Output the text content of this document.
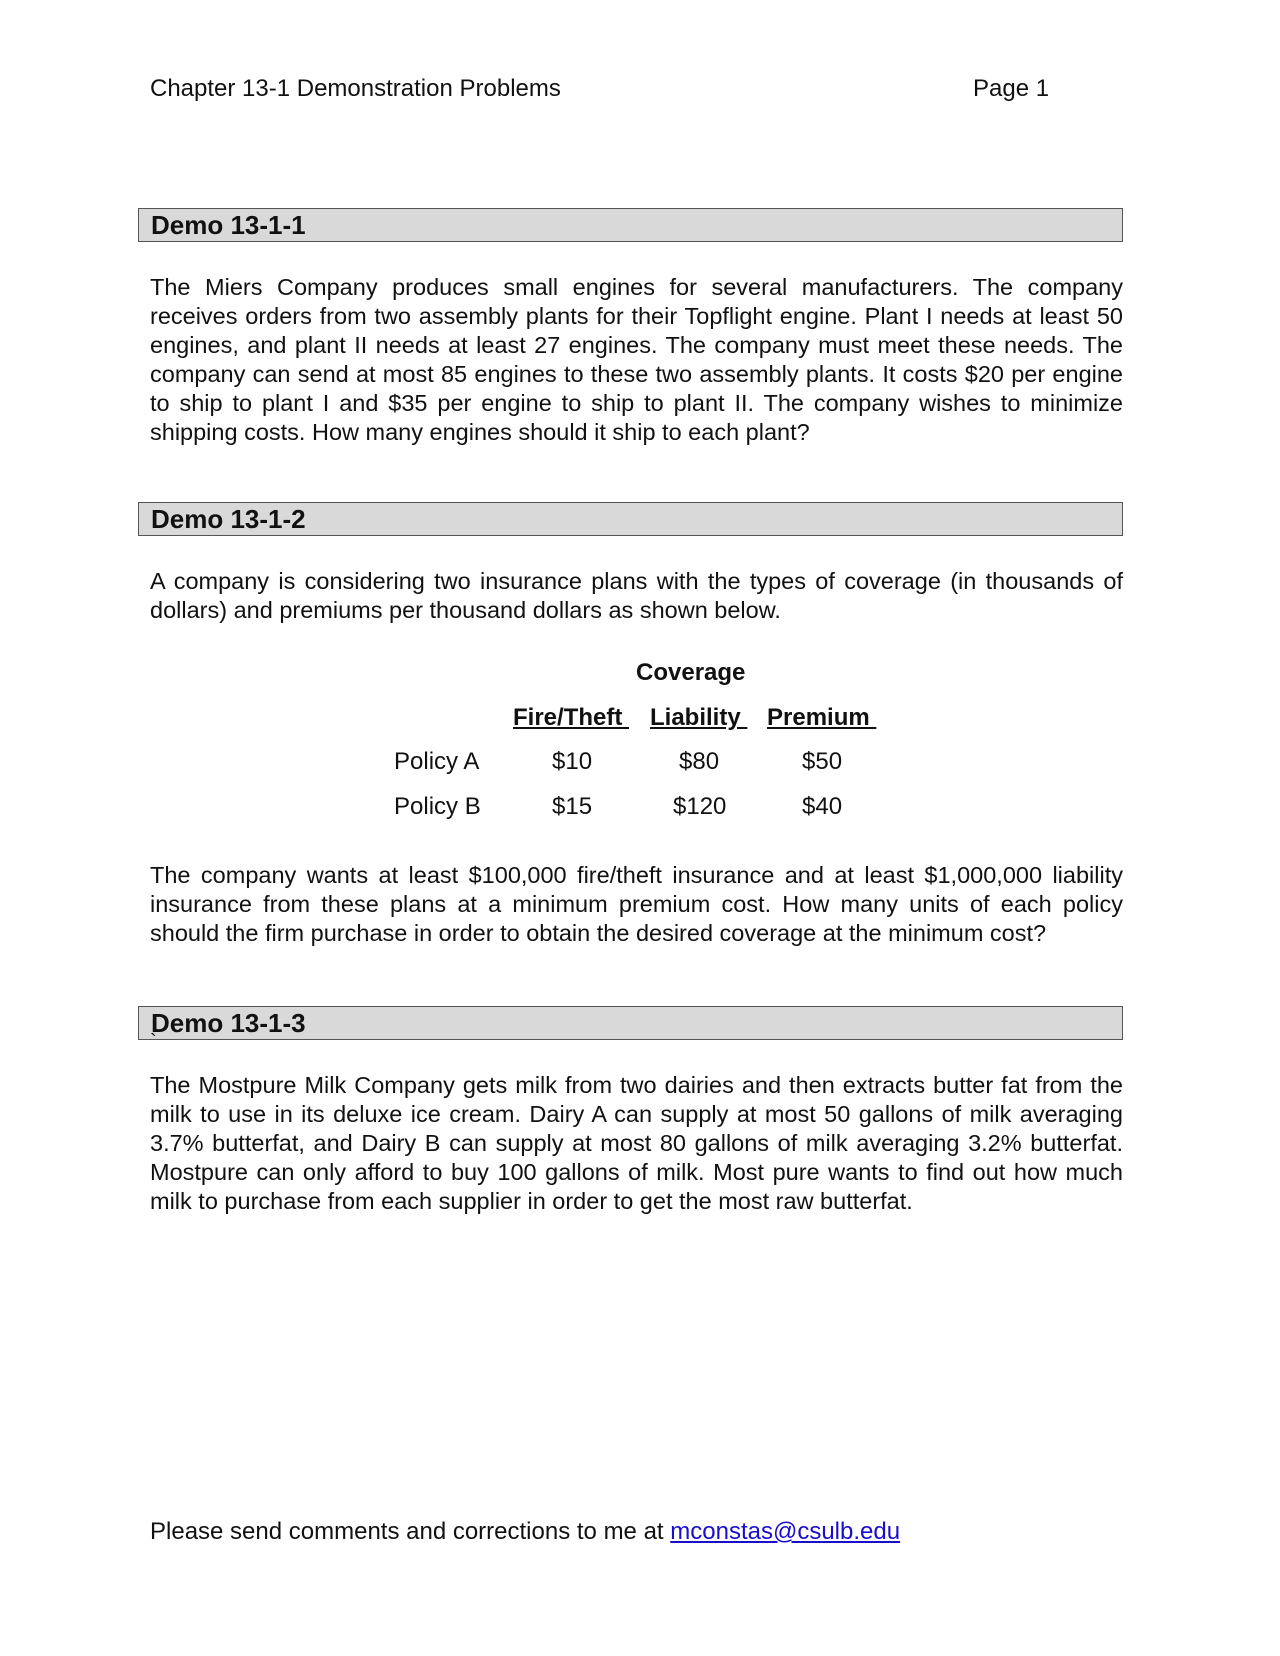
Chapter 13-1 Demonstration Problems	Page 1
Demo 13-1-1
The Miers Company produces small engines for several manufacturers. The company receives orders from two assembly plants for their Topflight engine. Plant I needs at least 50 engines, and plant II needs at least 27 engines. The company must meet these needs. The company can send at most 85 engines to these two assembly plants. It costs $20 per engine to ship to plant I and $35 per engine to ship to plant II. The company wishes to minimize shipping costs. How many engines should it ship to each plant?
Demo 13-1-2
A company is considering two insurance plans with the types of coverage (in thousands of dollars) and premiums per thousand dollars as shown below.
Coverage
Fire/Theft Liability Premium
Policy A	$10	$80	$50
Policy B	$15	$120	$40
The company wants at least $100,000 fire/theft insurance and at least $1,000,000 liability insurance from these plans at a minimum premium cost. How many units of each policy should the firm purchase in order to obtain the desired coverage at the minimum cost?
Demo 13-1-3
`
The Mostpure Milk Company gets milk from two dairies and then extracts butter fat from the milk to use in its deluxe ice cream. Dairy A can supply at most 50 gallons of milk averaging 3.7% butterfat, and Dairy B can supply at most 80 gallons of milk averaging 3.2% butterfat. Mostpure can only afford to buy 100 gallons of milk. Most pure wants to find out how much milk to purchase from each supplier in order to get the most raw butterfat.
Please send comments and corrections to me at mconstas@csulb.edu
